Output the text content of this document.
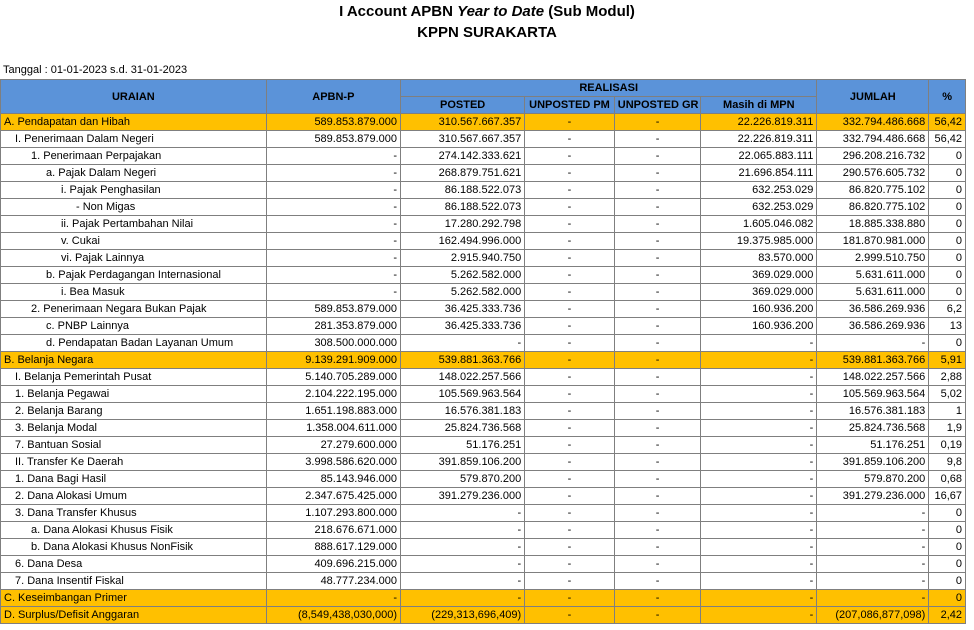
I Account APBN Year to Date (Sub Modul)
KPPN SURAKARTA
Tanggal : 01-01-2023 s.d. 31-01-2023
URAIAN	APBN-P	REALISASI				JUMLAH	%
		POSTED	UNPOSTED PM	UNPOSTED GR	Masih di MPN		
A. Pendapatan dan Hibah	589.853.879.000	310.567.667.357	-	-	22.226.819.311	332.794.486.668	56,42
I. Penerimaan Dalam Negeri	589.853.879.000	310.567.667.357	-	-	22.226.819.311	332.794.486.668	56,42
1. Penerimaan Perpajakan	-	274.142.333.621	-	-	22.065.883.111	296.208.216.732	0
a. Pajak Dalam Negeri	-	268.879.751.621	-	-	21.696.854.111	290.576.605.732	0
i. Pajak Penghasilan	-	86.188.522.073	-	-	632.253.029	86.820.775.102	0
- Non Migas	-	86.188.522.073	-	-	632.253.029	86.820.775.102	0
ii. Pajak Pertambahan Nilai	-	17.280.292.798	-	-	1.605.046.082	18.885.338.880	0
v. Cukai	-	162.494.996.000	-	-	19.375.985.000	181.870.981.000	0
vi. Pajak Lainnya	-	2.915.940.750	-	-	83.570.000	2.999.510.750	0
b. Pajak Perdagangan Internasional	-	5.262.582.000	-	-	369.029.000	5.631.611.000	0
i. Bea Masuk	-	5.262.582.000	-	-	369.029.000	5.631.611.000	0
2. Penerimaan Negara Bukan Pajak	589.853.879.000	36.425.333.736	-	-	160.936.200	36.586.269.936	6,2
c. PNBP Lainnya	281.353.879.000	36.425.333.736	-	-	160.936.200	36.586.269.936	13
d. Pendapatan Badan Layanan Umum	308.500.000.000	-	-	-	-	-	0
B. Belanja Negara	9.139.291.909.000	539.881.363.766	-	-	-	539.881.363.766	5,91
I. Belanja Pemerintah Pusat	5.140.705.289.000	148.022.257.566	-	-	-	148.022.257.566	2,88
1. Belanja Pegawai	2.104.222.195.000	105.569.963.564	-	-	-	105.569.963.564	5,02
2. Belanja Barang	1.651.198.883.000	16.576.381.183	-	-	-	16.576.381.183	1
3. Belanja Modal	1.358.004.611.000	25.824.736.568	-	-	-	25.824.736.568	1,9
7. Bantuan Sosial	27.279.600.000	51.176.251	-	-	-	51.176.251	0,19
II. Transfer Ke Daerah	3.998.586.620.000	391.859.106.200	-	-	-	391.859.106.200	9,8
1. Dana Bagi Hasil	85.143.946.000	579.870.200	-	-	-	579.870.200	0,68
2. Dana Alokasi Umum	2.347.675.425.000	391.279.236.000	-	-	-	391.279.236.000	16,67
3. Dana Transfer Khusus	1.107.293.800.000	-	-	-	-	-	0
a. Dana Alokasi Khusus Fisik	218.676.671.000	-	-	-	-	-	0
b. Dana Alokasi Khusus NonFisik	888.617.129.000	-	-	-	-	-	0
6. Dana Desa	409.696.215.000	-	-	-	-	-	0
7. Dana Insentif Fiskal	48.777.234.000	-	-	-	-	-	0
C. Keseimbangan Primer	-	-	-	-	-	-	0
D. Surplus/Defisit Anggaran	(8,549,438,030,000)	(229,313,696,409)	-	-	-	(207,086,877,098)	2,42
